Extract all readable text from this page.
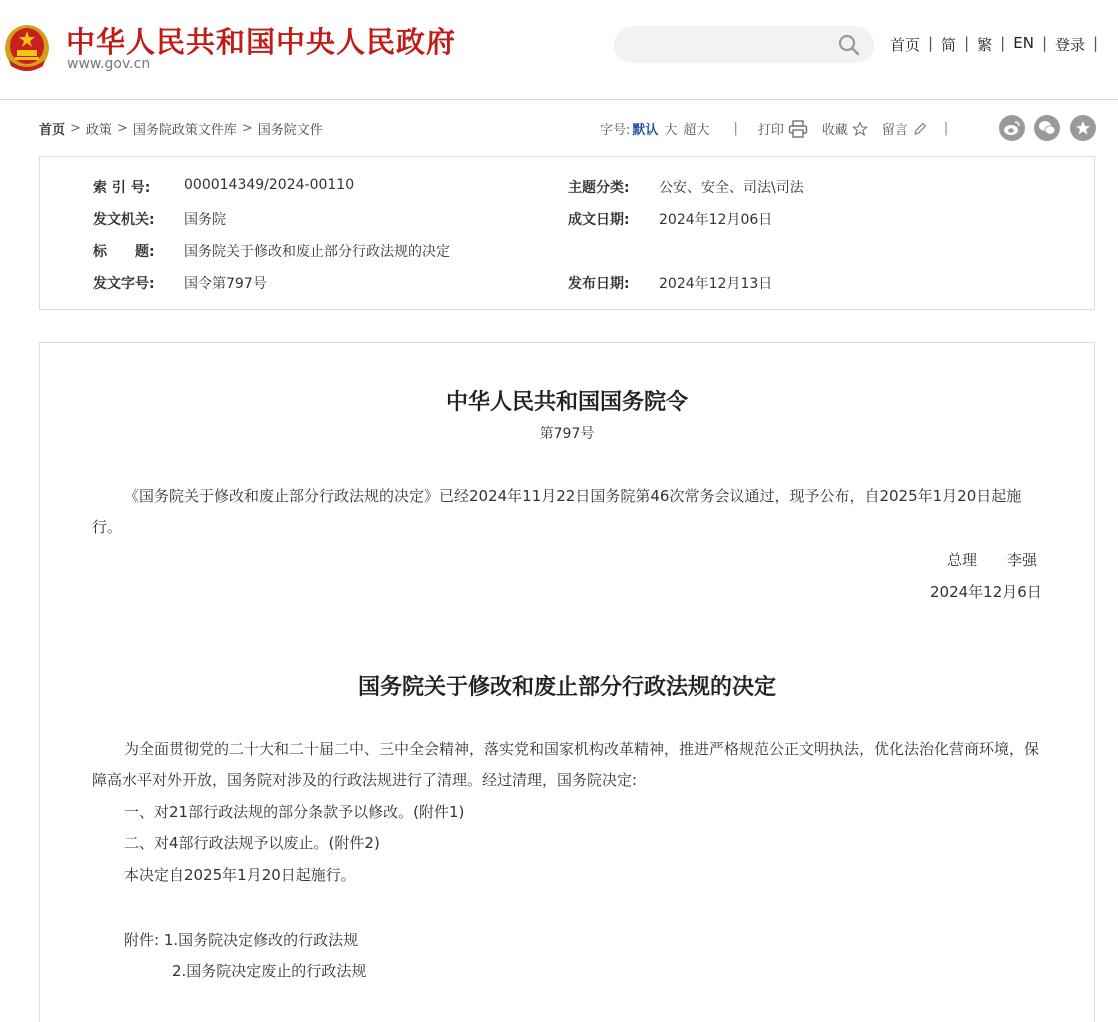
中华人民共和国中央人民政府
www.gov.cn
首页 | 简 | 繁 | EN | 登录 |
首页 > 政策 > 国务院政策文件库 > 国务院文件	字号: 默认 大 超大 | 打印	收藏	留言	|
索 引 号: 000014349/2024-00110	主题分类: 公安、安全、司法\司法
发文机关: 国务院	成文日期: 2024年12月06日
标　　题: 国务院关于修改和废止部分行政法规的决定
发文字号: 国令第797号	发布日期: 2024年12月13日
中华人民共和国国务院令
第797号
《国务院关于修改和废止部分行政法规的决定》已经2024年11月22日国务院第46次常务会议通过，现予公布，自2025年1月20日起施行。
总理　　李强
2024年12月6日
国务院关于修改和废止部分行政法规的决定
为全面贯彻党的二十大和二十届二中、三中全会精神，落实党和国家机构改革精神，推进严格规范公正文明执法，优化法治化营商环境，保障高水平对外开放，国务院对涉及的行政法规进行了清理。经过清理，国务院决定:
一、对21部行政法规的部分条款予以修改。(附件1)
二、对4部行政法规予以废止。(附件2)
本决定自2025年1月20日起施行。
附件: 1.国务院决定修改的行政法规
2.国务院决定废止的行政法规
